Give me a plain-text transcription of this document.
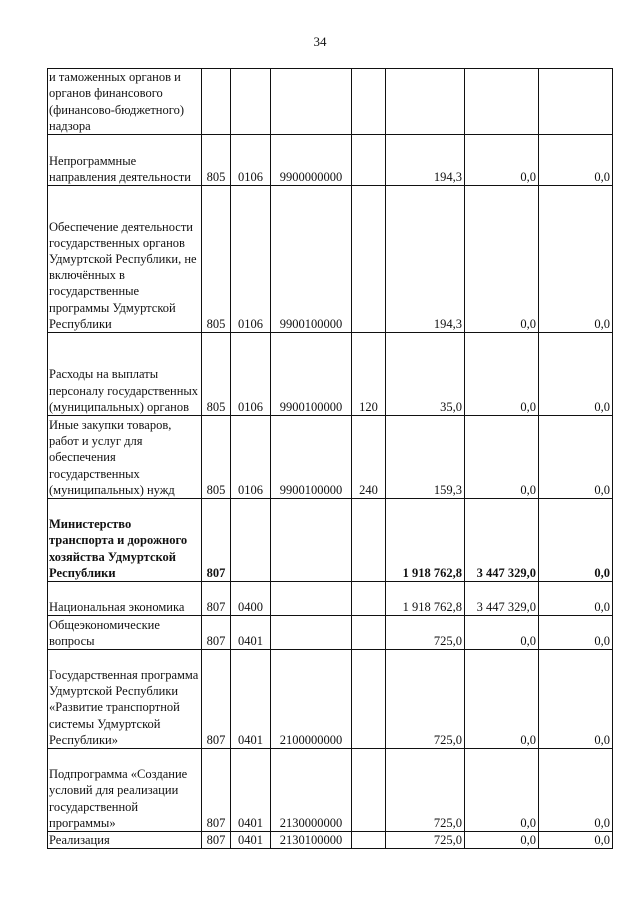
34
и таможенных органов и органов финансового (финансово-бюджетного) надзора							
Непрограммные направления деятельности	805	0106	9900000000		194,3	0,0	0,0
Обеспечение деятельности государственных органов Удмуртской Республики, не включённых в государственные программы Удмуртской Республики	805	0106	9900100000		194,3	0,0	0,0
Расходы на выплаты персоналу государственных (муниципальных) органов	805	0106	9900100000	120	35,0	0,0	0,0
Иные закупки товаров, работ и услуг для обеспечения государственных (муниципальных) нужд	805	0106	9900100000	240	159,3	0,0	0,0
Министерство транспорта и дорожного хозяйства Удмуртской Республики	807				1 918 762,8	3 447 329,0	0,0
Национальная экономика	807	0400			1 918 762,8	3 447 329,0	0,0
Общеэкономические вопросы	807	0401			725,0	0,0	0,0
Государственная программа Удмуртской Республики «Развитие транспортной системы Удмуртской Республики»	807	0401	2100000000		725,0	0,0	0,0
Подпрограмма «Создание условий для реализации государственной программы»	807	0401	2130000000		725,0	0,0	0,0
Реализация	807	0401	2130100000		725,0	0,0	0,0
